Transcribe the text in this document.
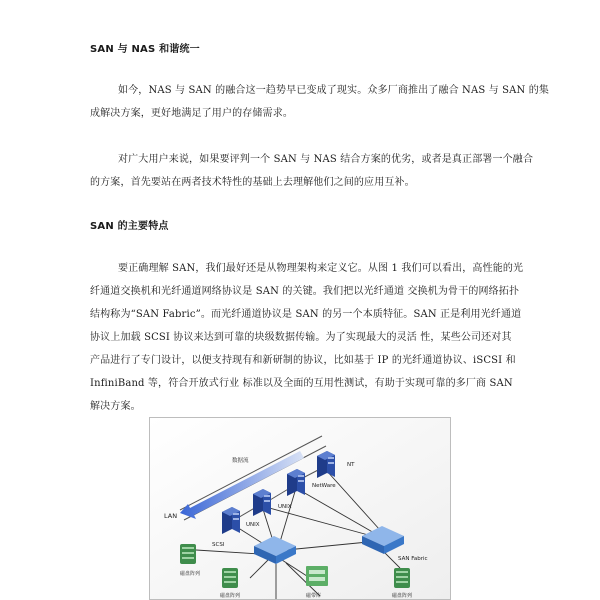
SAN 与 NAS 和谐统一
如今，NAS 与 SAN 的融合这一趋势早已变成了现实。众多厂商推出了融合 NAS 与 SAN 的集
成解决方案，更好地满足了用户的存储需求。
对广大用户来说，如果要评判一个 SAN 与 NAS 结合方案的优劣，或者是真正部署一个融合
的方案，首先要站在两者技术特性的基础上去理解他们之间的应用互补。
SAN 的主要特点
要正确理解 SAN，我们最好还是从物理架构来定义它。从图 1 我们可以看出，高性能的光
纤通道交换机和光纤通道网络协议是 SAN 的关键。我们把以光纤通道 交换机为骨干的网络拓扑
结构称为“SAN Fabric”。而光纤通道协议是 SAN 的另一个本质特征。SAN 正是利用光纤通道
协议上加载 SCSI 协议来达到可靠的块级数据传输。为了实现最大的灵活 性，某些公司还对其
产品进行了专门设计，以便支持现有和新研制的协议，比如基于 IP 的光纤通道协议、iSCSI 和
InfiniBand 等，符合开放式行业 标准以及全面的互用性测试，有助于实现可靠的多厂商 SAN
解决方案。
数据流
LAN
NT
NetWare
UNIX
UNIX
SCSI
SAN Fabric
磁盘阵列
磁盘阵列	磁带库	磁盘阵列
